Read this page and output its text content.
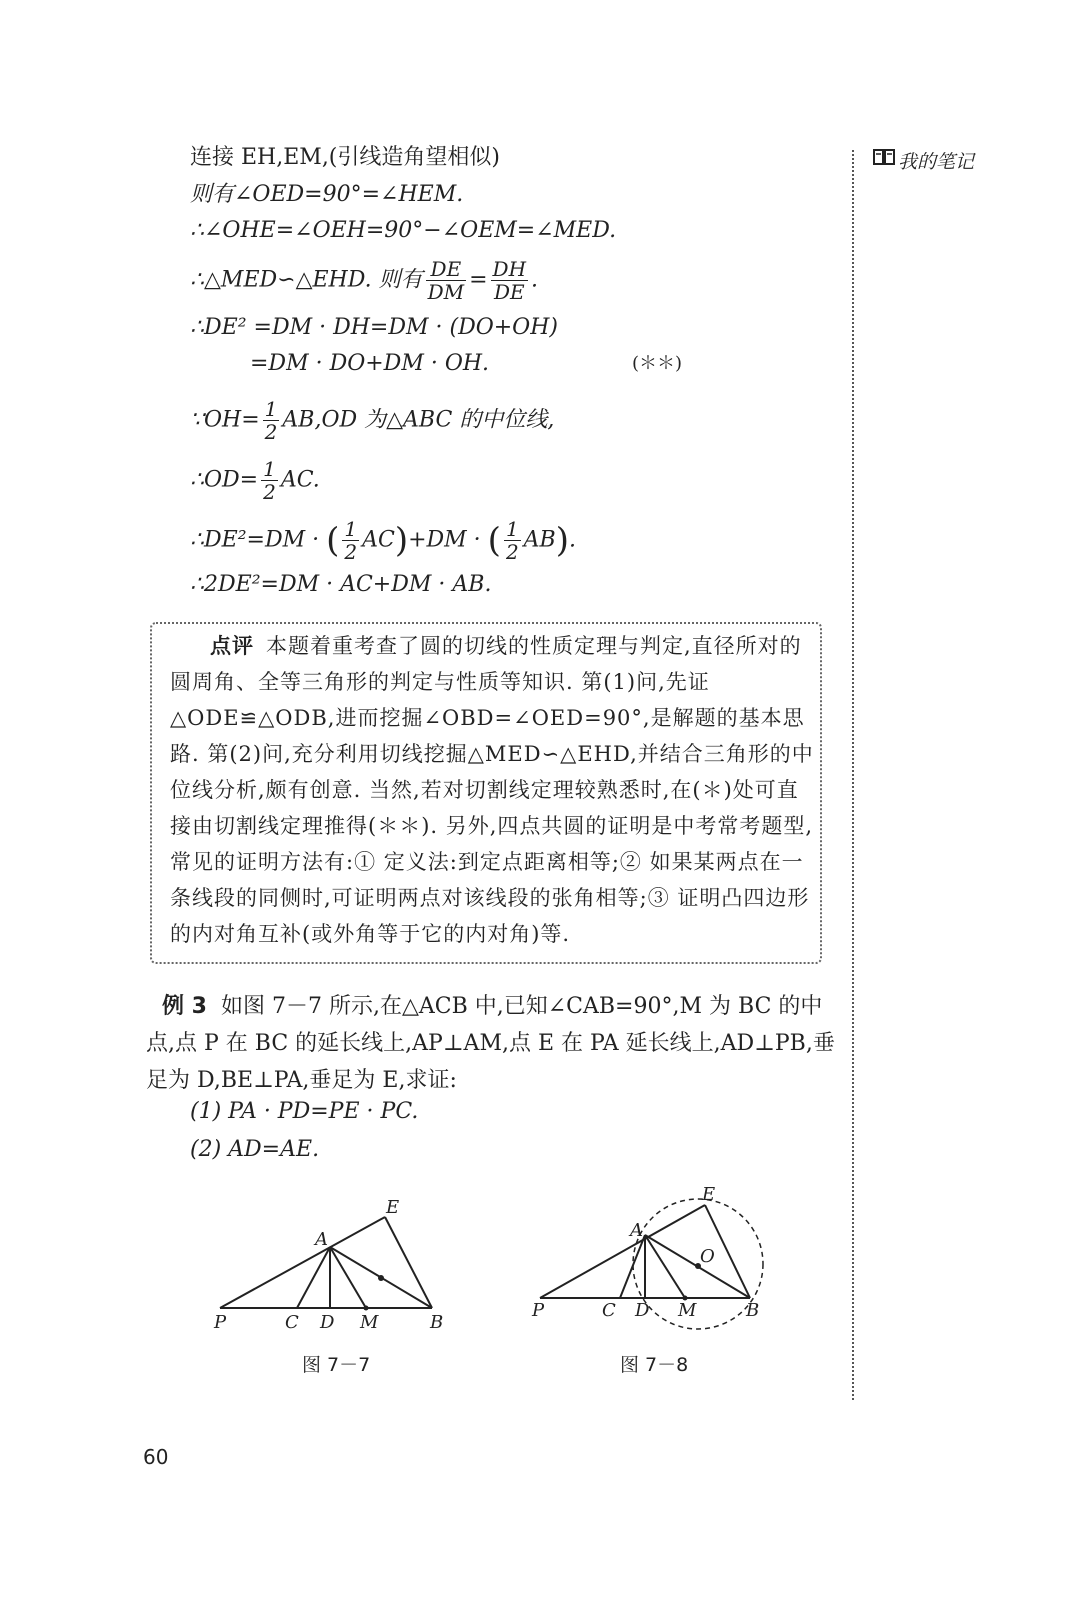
我的笔记
连接 EH,EM,(引线造角望相似)
则有∠OED=90°=∠HEM.
∴∠OHE=∠OEH=90°−∠OEM=∠MED.
∴△MED∽△EHD. 则有 $\frac{DE}{DM} = \frac{DH}{DE}$ .
∴DE² =DM · DH=DM · (DO+OH)
=DM · DO+DM · OH.	(＊＊)
∵OH= $\frac{1}{2} AB,OD$ 为△ABC 的中位线,
∴OD= $\frac{1}{2}$ AC.
∴DE²=DM · ( $\frac{1}{2} AC)+DM$ · ( $\frac{1}{2} AB$).
∴2DE²=DM · AC+DM · AB.
点评 本题着重考查了圆的切线的性质定理与判定,直径所对的圆周角、全等三角形的判定与性质等知识. 第(1)问,先证△ODE≌△ODB,进而挖掘∠OBD=∠OED=90°,是解题的基本思路. 第(2)问,充分利用切线挖掘△MED∽△EHD,并结合三角形的中位线分析,颇有创意. 当然,若对切割线定理较熟悉时,在(＊)处可直接由切割线定理推得(＊＊). 另外,四点共圆的证明是中考常考题型,常见的证明方法有:① 定义法:到定点距离相等;② 如果某两点在一条线段的同侧时,可证明两点对该线段的张角相等;③ 证明凸四边形的内对角互补(或外角等于它的内对角)等.
例 3 如图 7－7 所示,在△ACB 中,已知∠CAB=90°,M 为 BC 的中点,点 P 在 BC 的延长线上,AP⊥AM,点 E 在 PA 延长线上,AD⊥PB,垂足为 D,BE⊥PA,垂足为 E,求证:
(1) PA · PD=PE · PC.
(2) AD=AE.
E
A
P	C D M	B
图 7－7
E
A
O
P	C D M	B
图 7－8
60
